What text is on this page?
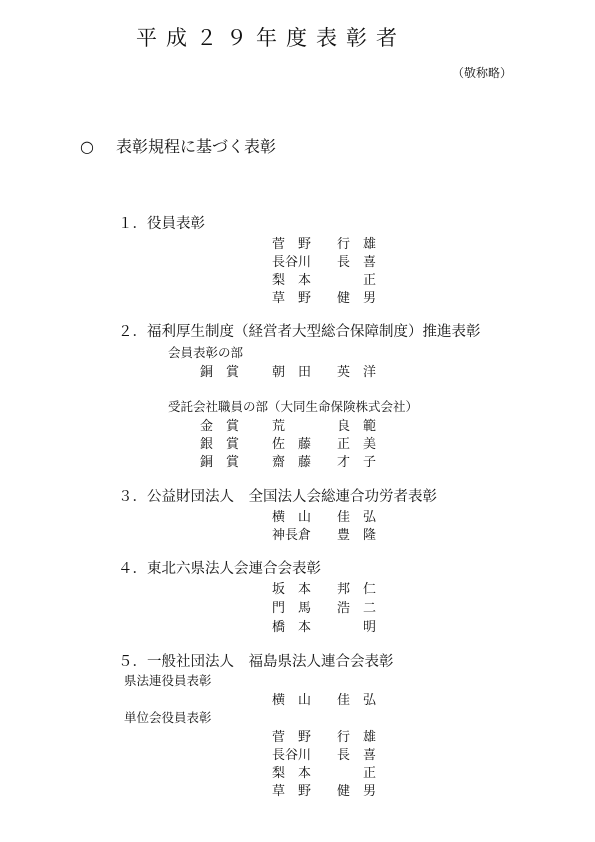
平成２９年度表彰者
（敬称略）
○ 表彰規程に基づく表彰
１．役員表彰
菅　野　　行　雄
長谷川　　長　喜
梨　本　　　　正
草　野　　健　男
２．福利厚生制度（経営者大型総合保障制度）推進表彰
会員表彰の部
銅　賞	朝　田　　英　洋
受託会社職員の部（大同生命保険株式会社）
金　賞	荒　　　　良　範
銀　賞	佐　藤　　正　美
銅　賞	齋　藤　　才　子
３．公益財団法人　全国法人会総連合功労者表彰
横　山　　佳　弘
神長倉　　豊　隆
４．東北六県法人会連合会表彰
坂　本　　邦　仁
門　馬　　浩　二
橋　本　　　　明
５．一般社団法人　福島県法人連合会表彰
県法連役員表彰
横　山　　佳　弘
単位会役員表彰
菅　野　　行　雄
長谷川　　長　喜
梨　本　　　　正
草　野　　健　男
